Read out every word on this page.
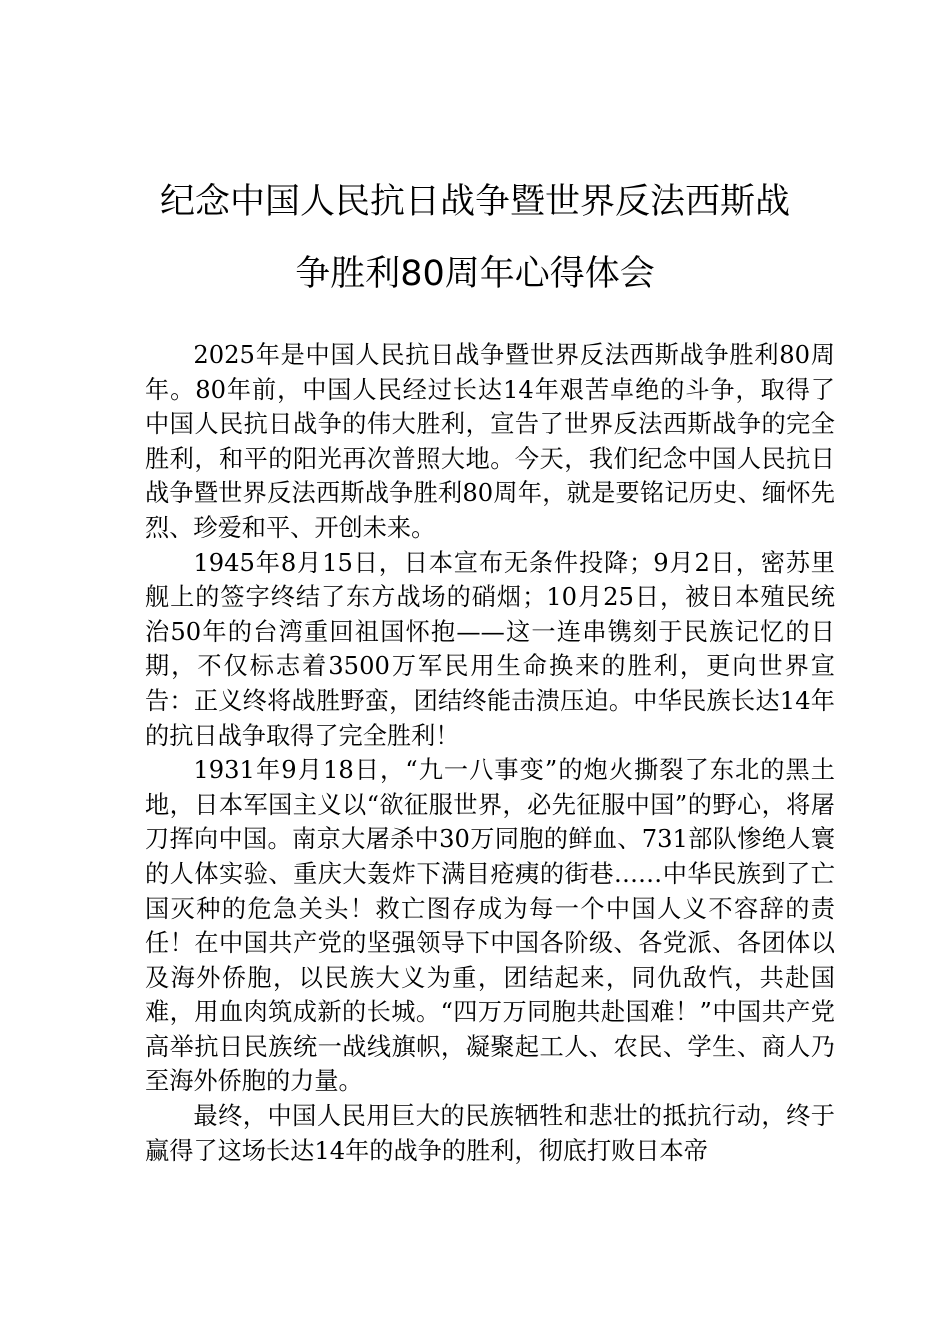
纪念中国人民抗日战争暨世界反法西斯战
争胜利80周年心得体会

2025年是中国人民抗日战争暨世界反法西斯战争胜利80周年。80年前，中国人民经过长达14年艰苦卓绝的斗争，取得了中国人民抗日战争的伟大胜利，宣告了世界反法西斯战争的完全胜利，和平的阳光再次普照大地。今天，我们纪念中国人民抗日战争暨世界反法西斯战争胜利80周年，就是要铭记历史、缅怀先烈、珍爱和平、开创未来。

1945年8月15日，日本宣布无条件投降；9月2日，密苏里舰上的签字终结了东方战场的硝烟；10月25日，被日本殖民统治50年的台湾重回祖国怀抱——这一连串镌刻于民族记忆的日期，不仅标志着3500万军民用生命换来的胜利，更向世界宣告：正义终将战胜野蛮，团结终能击溃压迫。中华民族长达14年的抗日战争取得了完全胜利！

1931年9月18日，“九一八事变”的炮火撕裂了东北的黑土地，日本军国主义以“欲征服世界，必先征服中国”的野心，将屠刀挥向中国。南京大屠杀中30万同胞的鲜血、731部队惨绝人寰的人体实验、重庆大轰炸下满目疮痍的街巷……中华民族到了亡国灭种的危急关头！救亡图存成为每一个中国人义不容辞的责任！在中国共产党的坚强领导下中国各阶级、各党派、各团体以及海外侨胞，以民族大义为重，团结起来，同仇敌忾，共赴国难，用血肉筑成新的长城。“四万万同胞共赴国难！”中国共产党高举抗日民族统一战线旗帜，凝聚起工人、农民、学生、商人乃至海外侨胞的力量。

最终，中国人民用巨大的民族牺牲和悲壮的抵抗行动，终于赢得了这场长达14年的战争的胜利，彻底打败日本帝
